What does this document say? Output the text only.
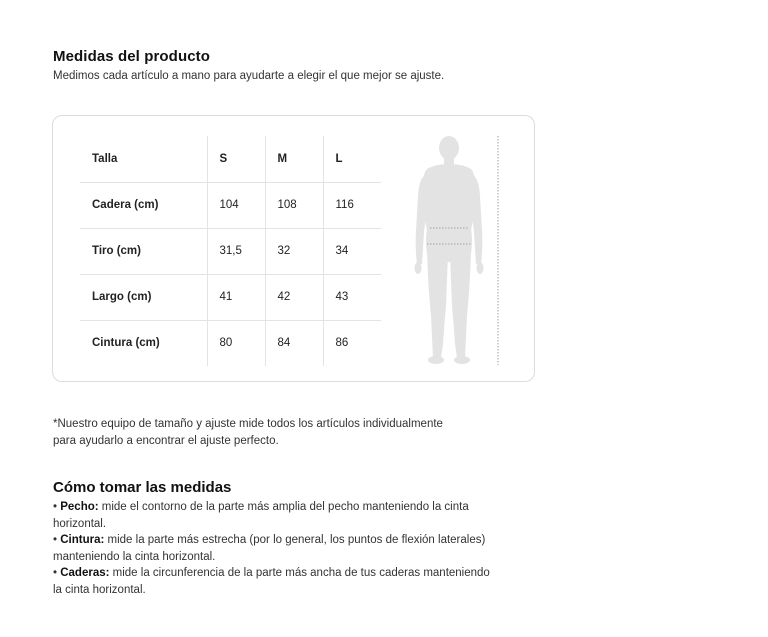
Medidas del producto
Medimos cada artículo a mano para ayudarte a elegir el que mejor se ajuste.
Talla	S	M	L
Cadera (cm)	104	108	116
Tiro (cm)	31,5	32	34
Largo (cm)	41	42	43
Cintura (cm)	80	84	86
*Nuestro equipo de tamaño y ajuste mide todos los artículos individualmente
para ayudarlo a encontrar el ajuste perfecto.
Cómo tomar las medidas
• Pecho: mide el contorno de la parte más amplia del pecho manteniendo la cinta horizontal.
• Cintura: mide la parte más estrecha (por lo general, los puntos de flexión laterales) manteniendo la cinta horizontal.
• Caderas: mide la circunferencia de la parte más ancha de tus caderas manteniendo la cinta horizontal.
